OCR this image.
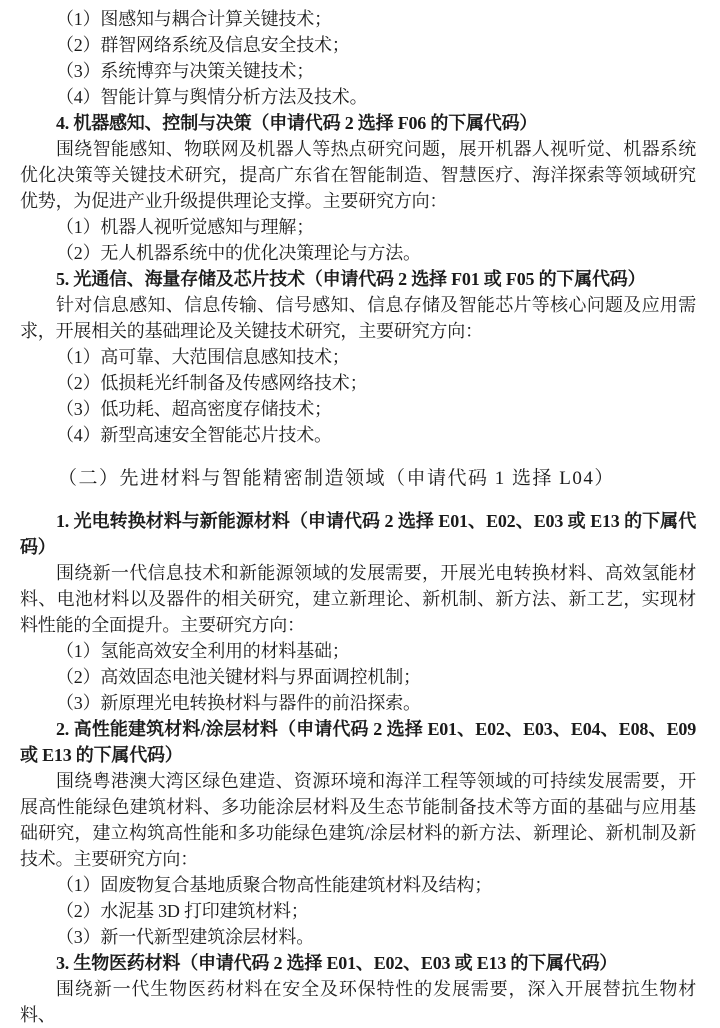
（1）图感知与耦合计算关键技术；

（2）群智网络系统及信息安全技术；

（3）系统博弈与决策关键技术；

（4）智能计算与舆情分析方法及技术。

4. 机器感知、控制与决策（申请代码 2 选择 F06 的下属代码）

围绕智能感知、物联网及机器人等热点研究问题，展开机器人视听觉、机器系统优化决策等关键技术研究，提高广东省在智能制造、智慧医疗、海洋探索等领域研究优势，为促进产业升级提供理论支撑。主要研究方向：

（1）机器人视听觉感知与理解；

（2）无人机器系统中的优化决策理论与方法。

5. 光通信、海量存储及芯片技术（申请代码 2 选择 F01 或 F05 的下属代码）

针对信息感知、信息传输、信号感知、信息存储及智能芯片等核心问题及应用需求，开展相关的基础理论及关键技术研究，主要研究方向：

（1）高可靠、大范围信息感知技术；

（2）低损耗光纤制备及传感网络技术；

（3）低功耗、超高密度存储技术；

（4）新型高速安全智能芯片技术。

（二）先进材料与智能精密制造领域（申请代码 1 选择 L04）

1. 光电转换材料与新能源材料（申请代码 2 选择 E01、E02、E03 或 E13 的下属代码）

围绕新一代信息技术和新能源领域的发展需要，开展光电转换材料、高效氢能材料、电池材料以及器件的相关研究，建立新理论、新机制、新方法、新工艺，实现材料性能的全面提升。主要研究方向：

（1）氢能高效安全利用的材料基础；

（2）高效固态电池关键材料与界面调控机制；

（3）新原理光电转换材料与器件的前沿探索。

2. 高性能建筑材料/涂层材料（申请代码 2 选择 E01、E02、E03、E04、E08、E09 或 E13 的下属代码）

围绕粤港澳大湾区绿色建造、资源环境和海洋工程等领域的可持续发展需要，开展高性能绿色建筑材料、多功能涂层材料及生态节能制备技术等方面的基础与应用基础研究，建立构筑高性能和多功能绿色建筑/涂层材料的新方法、新理论、新机制及新技术。主要研究方向：

（1）固废物复合基地质聚合物高性能建筑材料及结构；

（2）水泥基 3D 打印建筑材料；

（3）新一代新型建筑涂层材料。

3. 生物医药材料（申请代码 2 选择 E01、E02、E03 或 E13 的下属代码）

围绕新一代生物医药材料在安全及环保特性的发展需要，深入开展替抗生物材料、
